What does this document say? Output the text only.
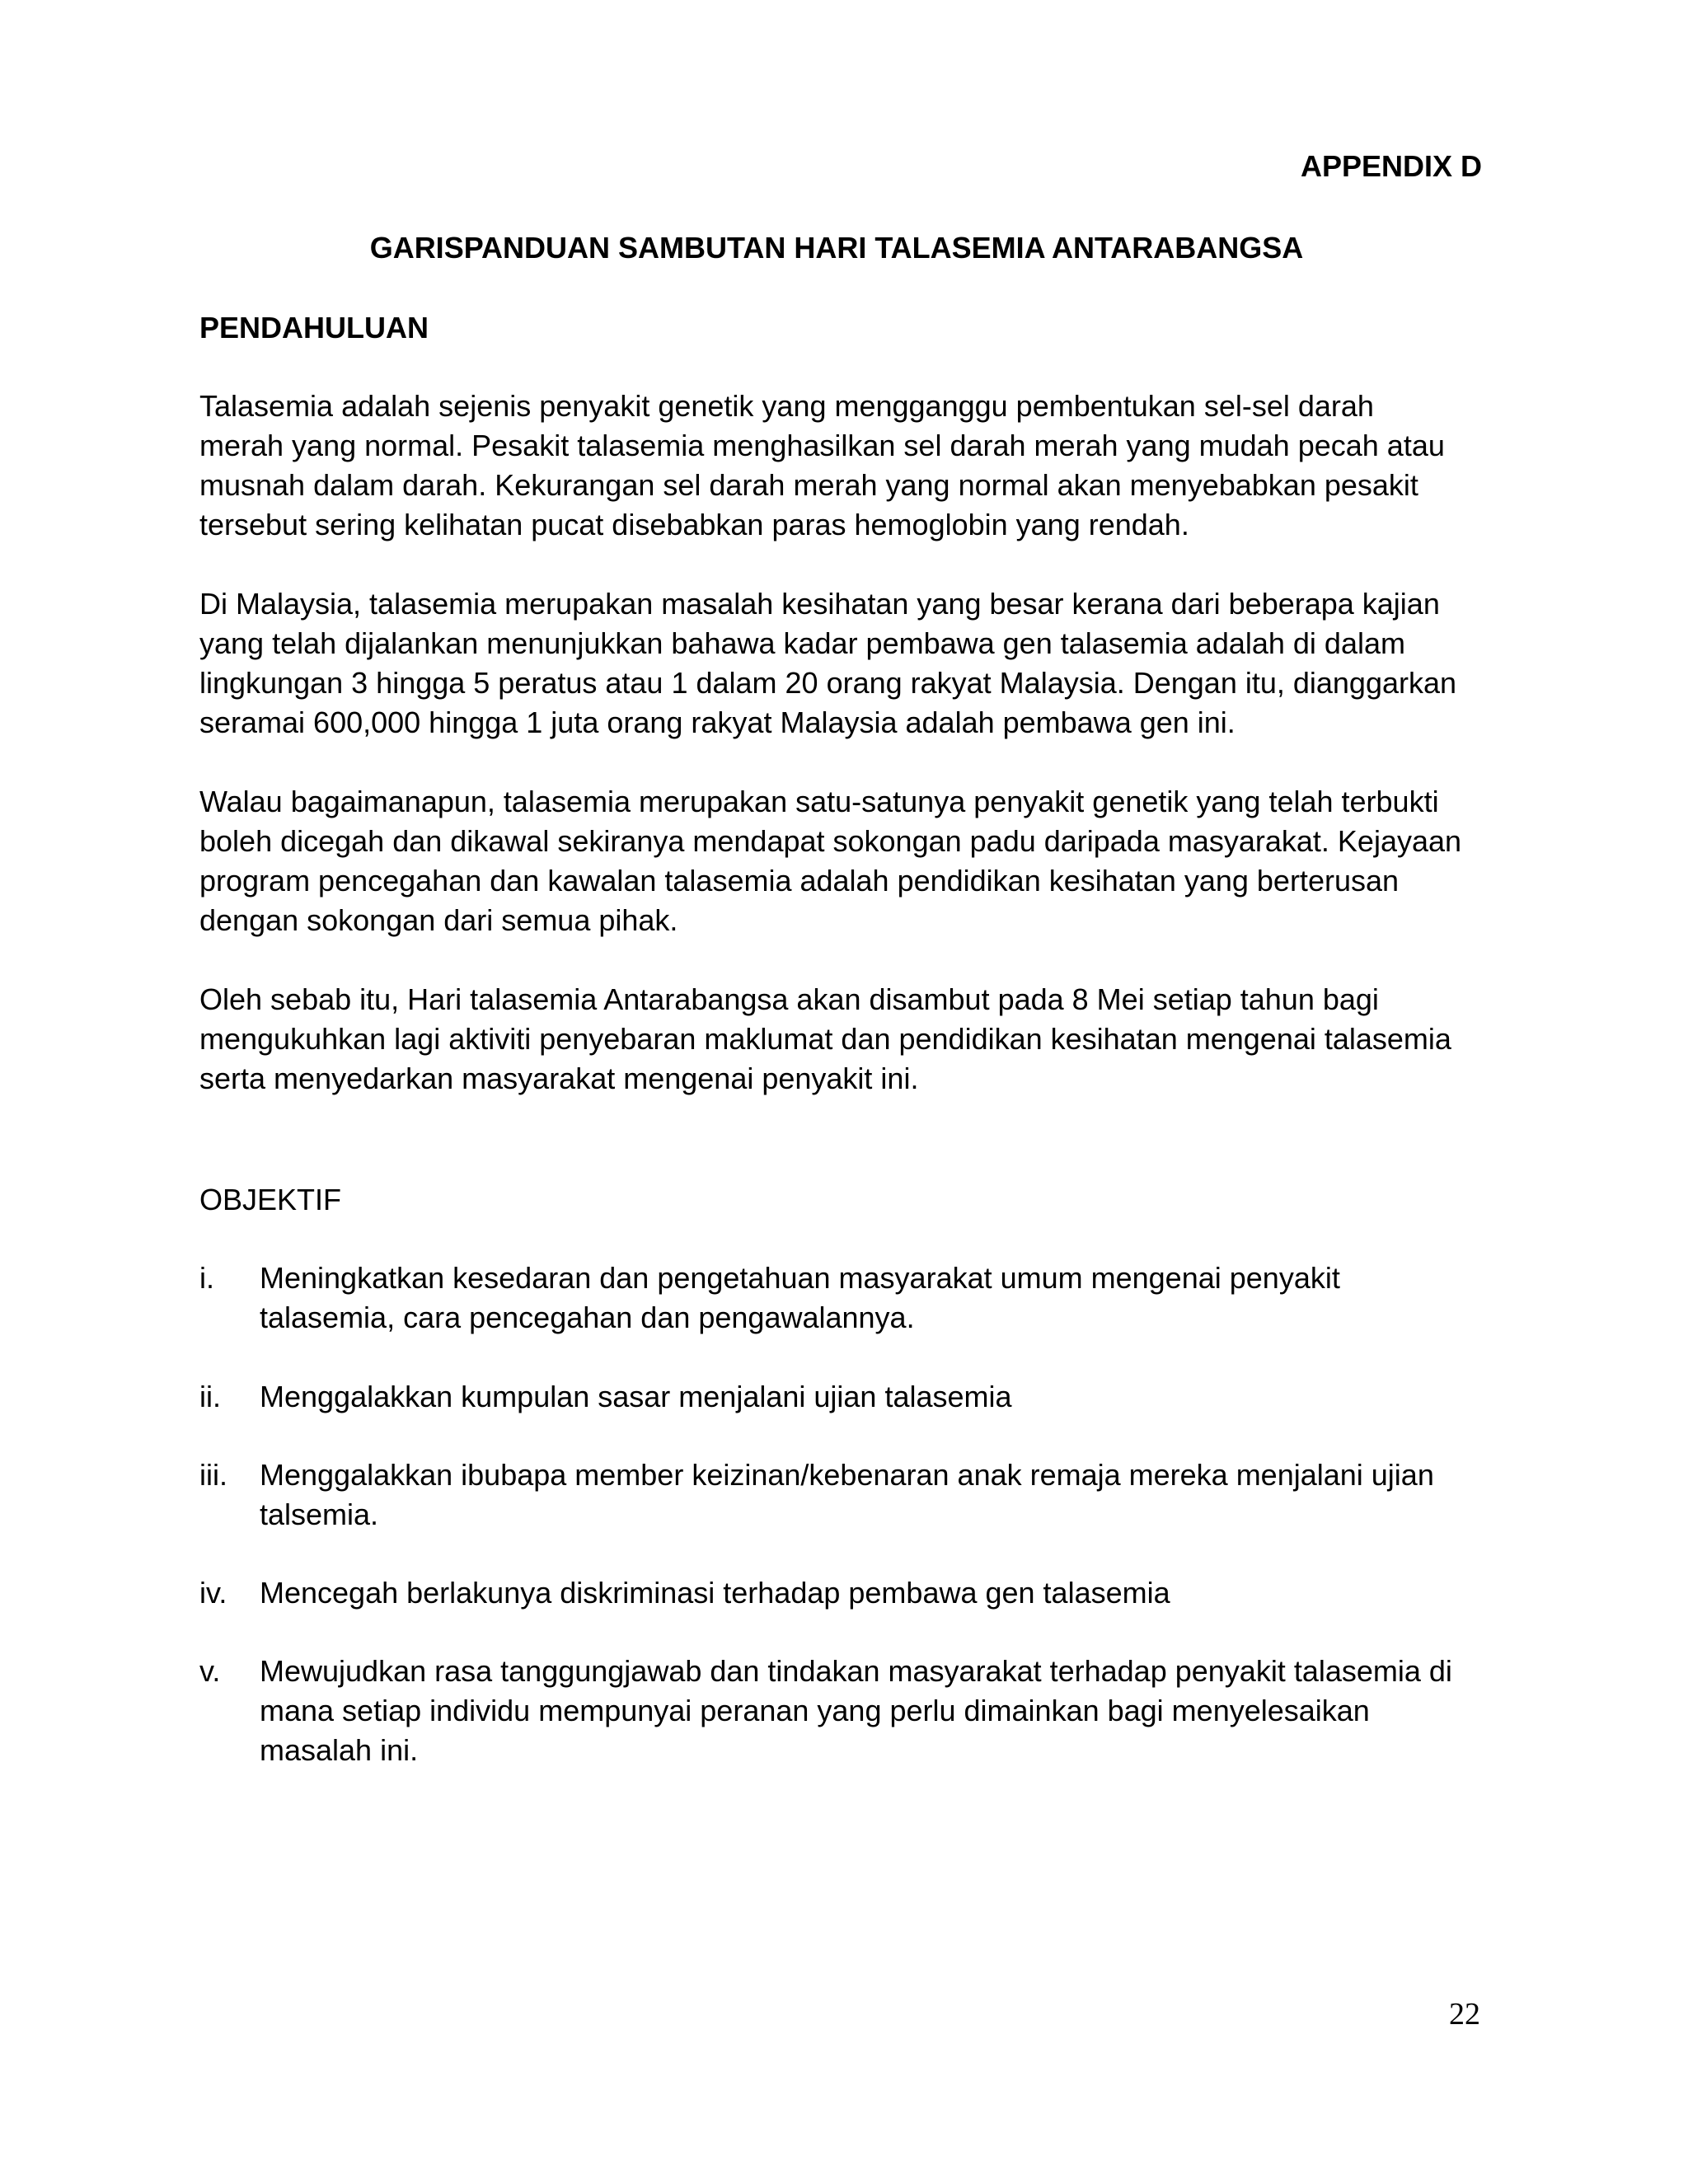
APPENDIX D
GARISPANDUAN SAMBUTAN HARI TALASEMIA ANTARABANGSA
PENDAHULUAN

Talasemia adalah sejenis penyakit genetik yang mengganggu pembentukan sel-sel darah
merah yang normal. Pesakit talasemia menghasilkan sel darah merah yang mudah pecah atau
musnah dalam darah. Kekurangan sel darah merah yang normal akan menyebabkan pesakit
tersebut sering kelihatan pucat disebabkan paras hemoglobin yang rendah.

Di Malaysia, talasemia merupakan masalah kesihatan yang besar kerana dari beberapa kajian
yang telah dijalankan menunjukkan bahawa kadar pembawa gen talasemia adalah di dalam
lingkungan 3 hingga 5 peratus atau 1 dalam 20 orang rakyat Malaysia. Dengan itu, dianggarkan
seramai 600,000 hingga 1 juta orang rakyat Malaysia adalah pembawa gen ini.

Walau bagaimanapun, talasemia merupakan satu-satunya penyakit genetik yang telah terbukti
boleh dicegah dan dikawal sekiranya mendapat sokongan padu daripada masyarakat. Kejayaan
program pencegahan dan kawalan talasemia adalah pendidikan kesihatan yang berterusan
dengan sokongan dari semua pihak.

Oleh sebab itu, Hari talasemia Antarabangsa akan disambut pada 8 Mei setiap tahun bagi
mengukuhkan lagi aktiviti penyebaran maklumat dan pendidikan kesihatan mengenai talasemia
serta menyedarkan masyarakat mengenai penyakit ini.

OBJEKTIF
i. Meningkatkan kesedaran dan pengetahuan masyarakat umum mengenai penyakit
talasemia, cara pencegahan dan pengawalannya.
ii. Menggalakkan kumpulan sasar menjalani ujian talasemia
iii. Menggalakkan ibubapa member keizinan/kebenaran anak remaja mereka menjalani ujian
talsemia.
iv. Mencegah berlakunya diskriminasi terhadap pembawa gen talasemia
v. Mewujudkan rasa tanggungjawab dan tindakan masyarakat terhadap penyakit talasemia di
mana setiap individu mempunyai peranan yang perlu dimainkan bagi menyelesaikan
masalah ini.
22
